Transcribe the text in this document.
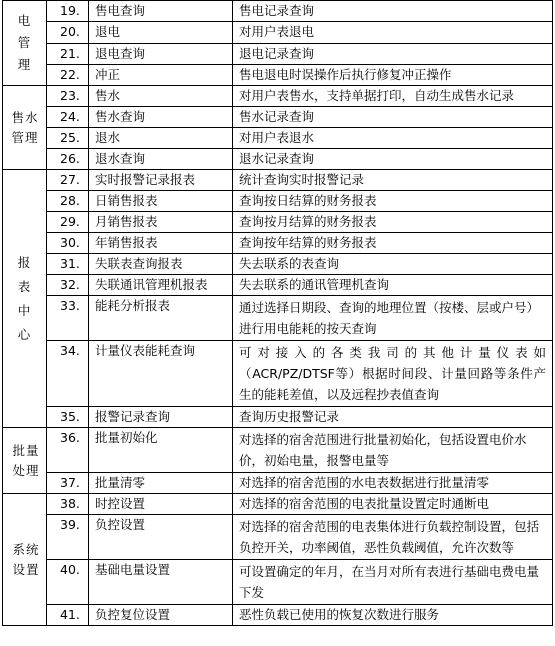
电管理	19.	售电查询	售电记录查询
	20.	退电	对用户表退电
	21.	退电查询	退电记录查询
	22.	冲正	售电退电时误操作后执行修复冲正操作

售水管理	23.	售水	对用户表售水，支持单据打印，自动生成售水记录
	24.	售水查询	售水记录查询
	25.	退水	对用户表退水
	26.	退水查询	退水记录查询

报表中心	27.	实时报警记录报表	统计查询实时报警记录
	28.	日销售报表	查询按日结算的财务报表
	29.	月销售报表	查询按月结算的财务报表
	30.	年销售报表	查询按年结算的财务报表
	31.	失联表查询报表	失去联系的表查询
	32.	失联通讯管理机报表	失去联系的通讯管理机查询
	33.	能耗分析报表	通过选择日期段、查询的地理位置（按楼、层或户号）进行用电能耗的按天查询
	34.	计量仪表能耗查询	可对接入的各类我司的其他计量仪表如（ACR/PZ/DTSF等）根据时间段、计量回路等条件产生的能耗差值，以及远程抄表值查询
	35.	报警记录查询	查询历史报警记录

批量处理	36.	批量初始化	对选择的宿舍范围进行批量初始化，包括设置电价水价，初始电量，报警电量等
	37.	批量清零	对选择的宿舍范围的水电表数据进行批量清零

系统设置	38.	时控设置	对选择的宿舍范围的电表批量设置定时通断电
	39.	负控设置	对选择的宿舍范围的电表集体进行负载控制设置，包括负控开关，功率阈值，恶性负载阈值，允许次数等
	40.	基础电量设置	可设置确定的年月，在当月对所有表进行基础电费电量下发
	41.	负控复位设置	恶性负载已使用的恢复次数进行服务
